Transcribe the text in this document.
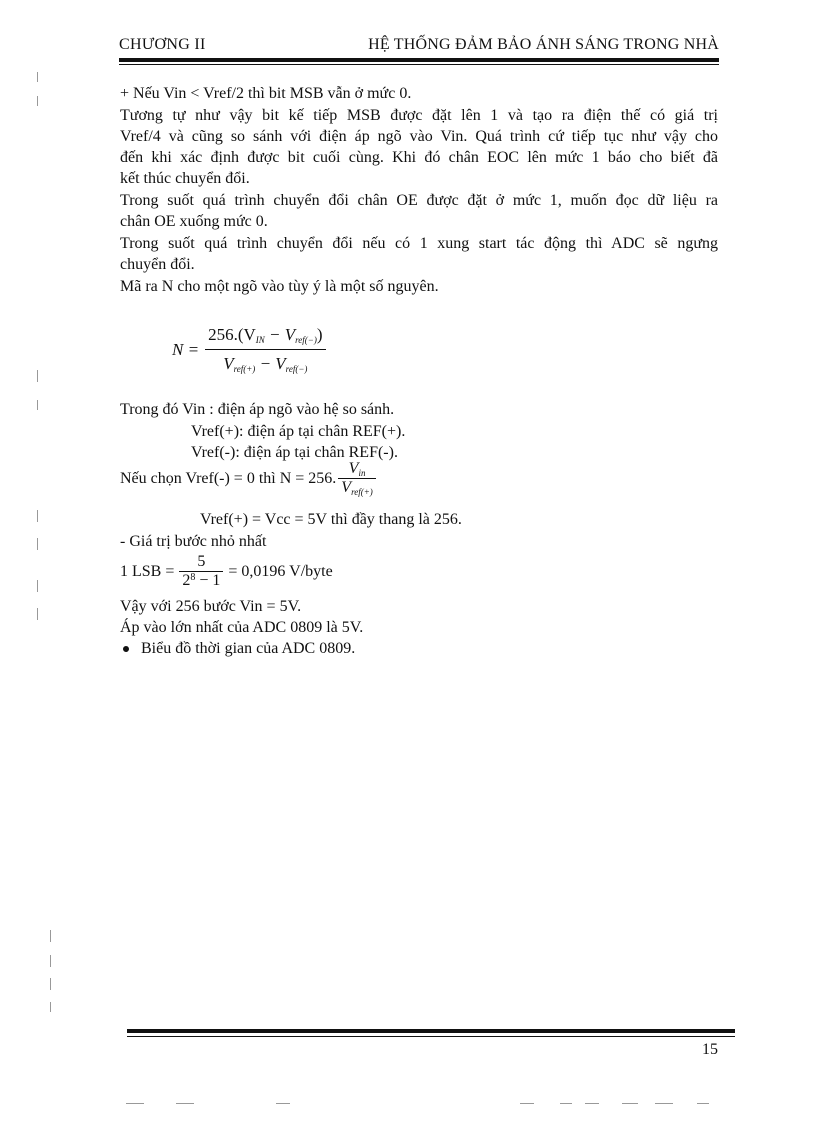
CHƯƠNG II	HỆ THỐNG ĐẢM BẢO ÁNH SÁNG TRONG NHÀ

+ Nếu Vin < Vref/2 thì bit MSB vẫn ở mức 0.

Tương tự như vậy bit kế tiếp MSB được đặt lên 1 và tạo ra điện thế có giá trị
Vref/4 và cũng so sánh với điện áp ngõ vào Vin. Quá trình cứ tiếp tục như vậy cho
đến khi xác định được bit cuối cùng. Khi đó chân EOC lên mức 1 báo cho biết đã
kết thúc chuyển đổi.

Trong suốt quá trình chuyển đổi chân OE được đặt ở mức 1, muốn đọc dữ liệu ra
chân OE xuống mức 0.

Trong suốt quá trình chuyển đổi nếu có 1 xung start tác động thì ADC sẽ ngưng
chuyển đổi.

Mã ra N cho một ngõ vào tùy ý là một số nguyên.

$N = \frac{256.(V_{IN} - V_{ref(-)})}{V_{ref(+)} - V_{ref(-)}}$
Trong đó Vin : điện áp ngõ vào hệ so sánh.
Vref(+): điện áp tại chân REF(+).
Vref(-): điện áp tại chân REF(-).
Nếu chọn Vref(-) = 0 thì N = 256. $\frac{V_{in}}{V_{ref(+)}}$
Vref(+) = Vcc = 5V thì đầy thang là 256.
- Giá trị bước nhỏ nhất
1 LSB = $\frac{5}{2^8 - 1} = 0,0196$ V/byte
Vậy với 256 bước Vin = 5V.
Áp vào lớn nhất của ADC 0809 là 5V.
Biểu đồ thời gian của ADC 0809.
15
